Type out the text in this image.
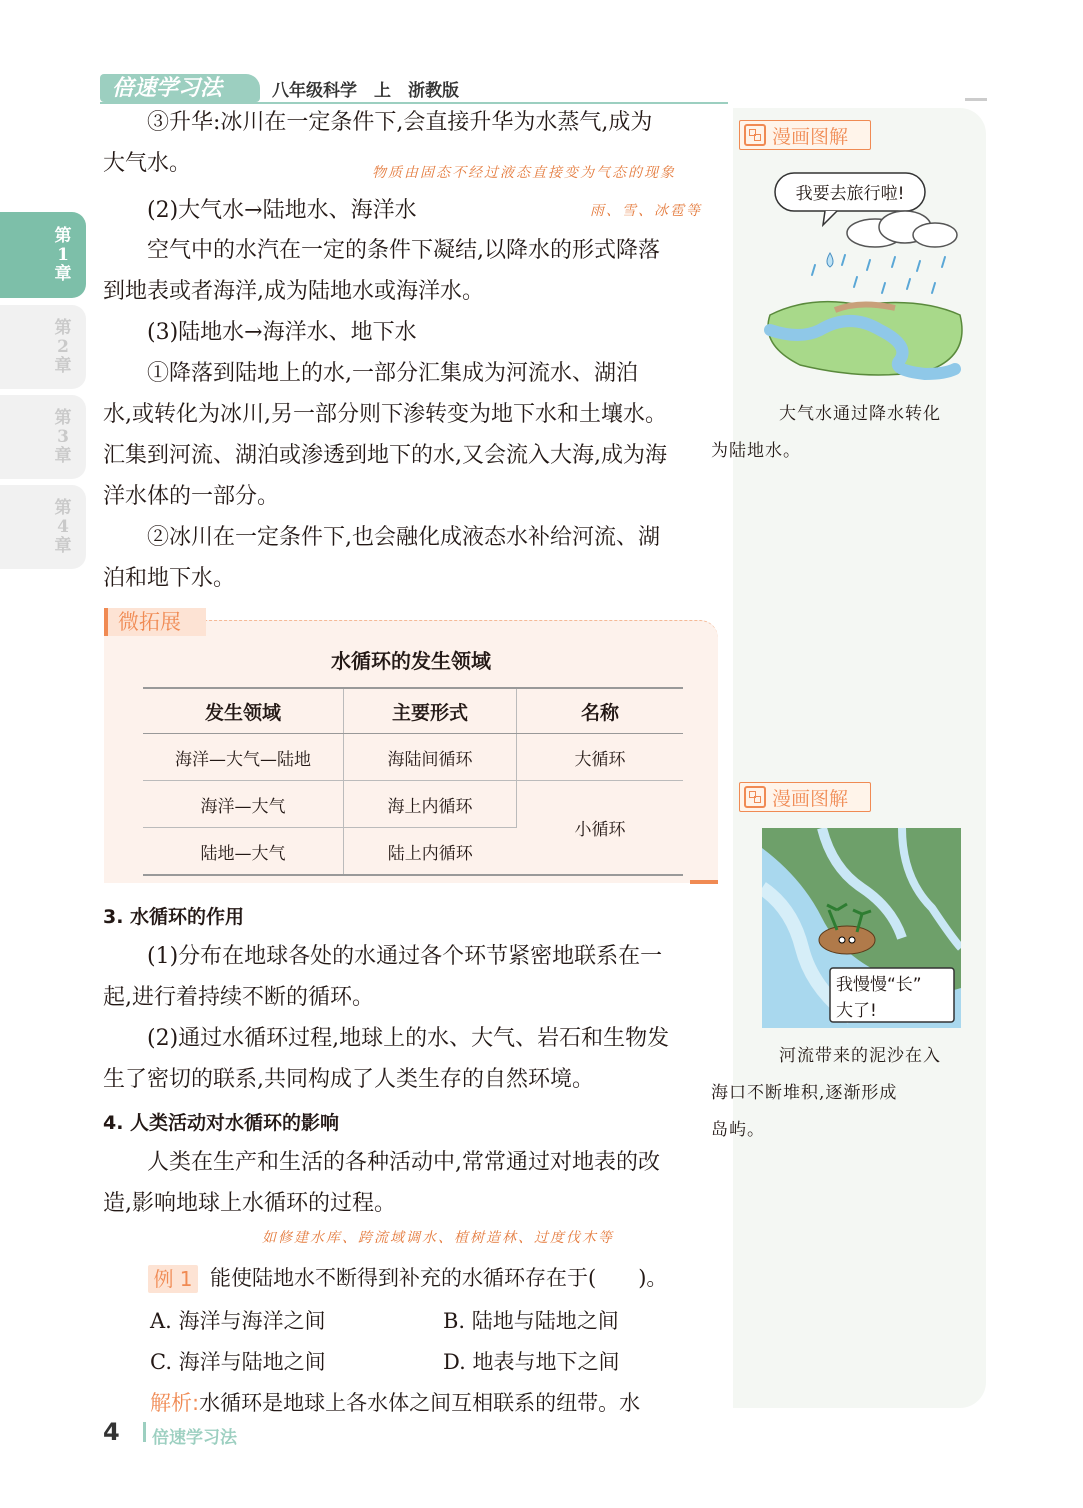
倍速学习法	八年级科学　上　浙教版
第
1
章
第
2
章
第
3
章
第
4
章
漫画图解
我要去旅行啦!
大气水通过降水转化
为陆地水。
漫画图解
我慢慢“长”
大了!
河流带来的泥沙在入
海口不断堆积,逐渐形成
岛屿。
③升华:冰川在一定条件下,会直接升华为水蒸气,成为
大气水。	物质由固态不经过液态直接变为气态的现象
(2)大气水→陆地水、海洋水	雨、雪、冰雹等
空气中的水汽在一定的条件下凝结,以降水的形式降落
到地表或者海洋,成为陆地水或海洋水。
(3)陆地水→海洋水、地下水
①降落到陆地上的水,一部分汇集成为河流水、湖泊
水,或转化为冰川,另一部分则下渗转变为地下水和土壤水。
汇集到河流、湖泊或渗透到地下的水,又会流入大海,成为海
洋水体的一部分。
②冰川在一定条件下,也会融化成液态水补给河流、湖
泊和地下水。
微拓展
水循环的发生领域
发生领域	主要形式	名称
海洋—大气—陆地	海陆间循环	大循环
海洋—大气	海上内循环	小循环
陆地—大气	陆上内循环	
3. 水循环的作用
(1)分布在地球各处的水通过各个环节紧密地联系在一
起,进行着持续不断的循环。
(2)通过水循环过程,地球上的水、大气、岩石和生物发
生了密切的联系,共同构成了人类生存的自然环境。
4. 人类活动对水循环的影响
人类在生产和生活的各种活动中,常常通过对地表的改
造,影响地球上水循环的过程。
如修建水库、跨流域调水、植树造林、过度伐木等
例 1 能使陆地水不断得到补充的水循环存在于(　　)。
A. 海洋与海洋之间	B. 陆地与陆地之间
C. 海洋与陆地之间	D. 地表与地下之间
解析:水循环是地球上各水体之间互相联系的纽带。水
4 倍速学习法
